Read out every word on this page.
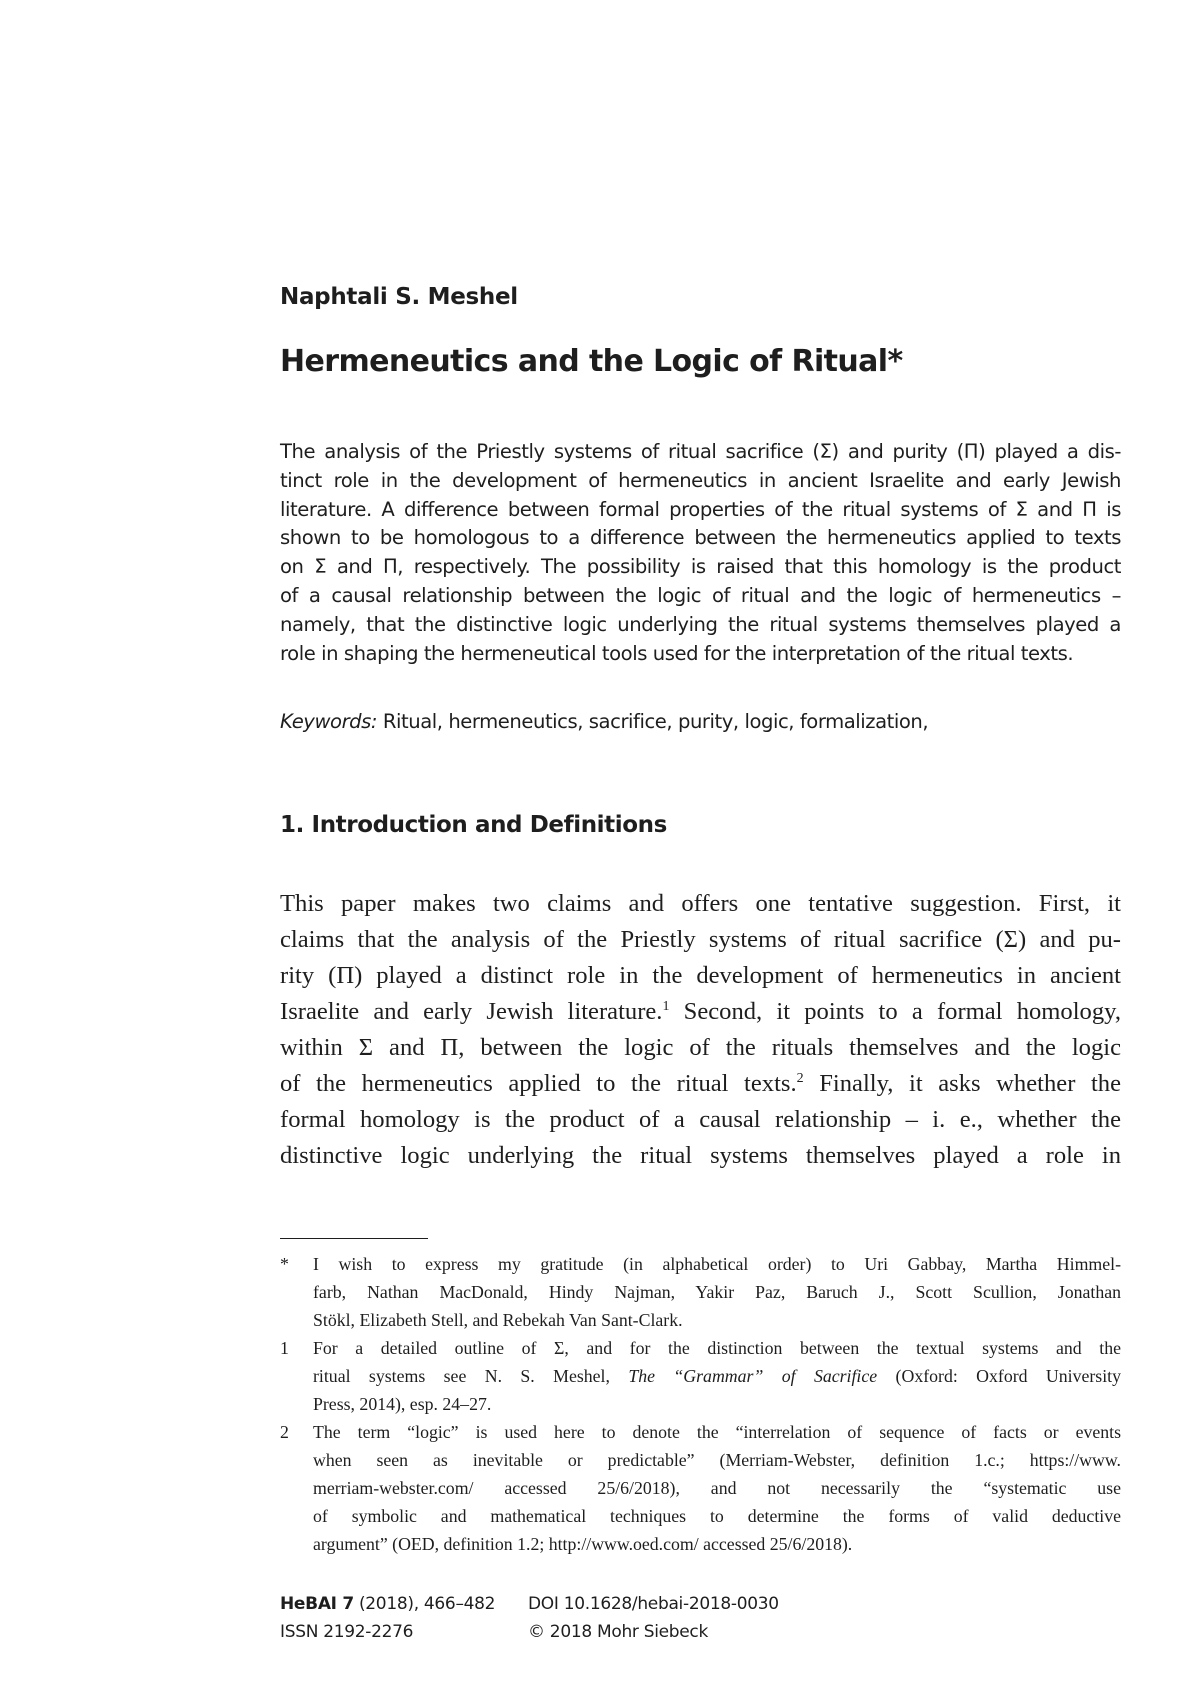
Naphtali S. Meshel
Hermeneutics and the Logic of Ritual*
The analysis of the Priestly systems of ritual sacrifice (Σ) and purity (Π) played a dis-
tinct role in the development of hermeneutics in ancient Israelite and early Jewish
literature. A difference between formal properties of the ritual systems of Σ and Π is
shown to be homologous to a difference between the hermeneutics applied to texts
on Σ and Π, respectively. The possibility is raised that this homology is the product
of a causal relationship between the logic of ritual and the logic of hermeneutics –
namely, that the distinctive logic underlying the ritual systems themselves played a
role in shaping the hermeneutical tools used for the interpretation of the ritual texts.
Keywords: Ritual, hermeneutics, sacrifice, purity, logic, formalization,
1. Introduction and Definitions
This paper makes two claims and offers one tentative suggestion. First, it
claims that the analysis of the Priestly systems of ritual sacrifice (Σ) and pu-
rity (Π) played a distinct role in the development of hermeneutics in ancient
Israelite and early Jewish literature.$^1$ Second, it points to a formal homology,
within Σ and Π, between the logic of the rituals themselves and the logic
of the hermeneutics applied to the ritual texts.$^2$ Finally, it asks whether the
formal homology is the product of a causal relationship – i. e., whether the
distinctive logic underlying the ritual systems themselves played a role in
* I wish to express my gratitude (in alphabetical order) to Uri Gabbay, Martha Himmel-
farb, Nathan MacDonald, Hindy Najman, Yakir Paz, Baruch J., Scott Scullion, Jonathan
Stökl, Elizabeth Stell, and Rebekah Van Sant-Clark.
1 For a detailed outline of Σ, and for the distinction between the textual systems and the
ritual systems see N. S. Meshel, The “Grammar” of Sacrifice (Oxford: Oxford University
Press, 2014), esp. 24–27.
2 The term “logic” is used here to denote the “interrelation of sequence of facts or events
when seen as inevitable or predictable” (Merriam-Webster, definition 1.c.; https://www.
merriam-webster.com/ accessed 25/6/2018), and not necessarily the “systematic use
of symbolic and mathematical techniques to determine the forms of valid deductive
argument” (OED, definition 1.2; http://www.oed.com/ accessed 25/6/2018).
HeBAI 7 (2018), 466–482	DOI 10.1628/hebai-2018-0030
ISSN 2192-2276	© 2018 Mohr Siebeck
